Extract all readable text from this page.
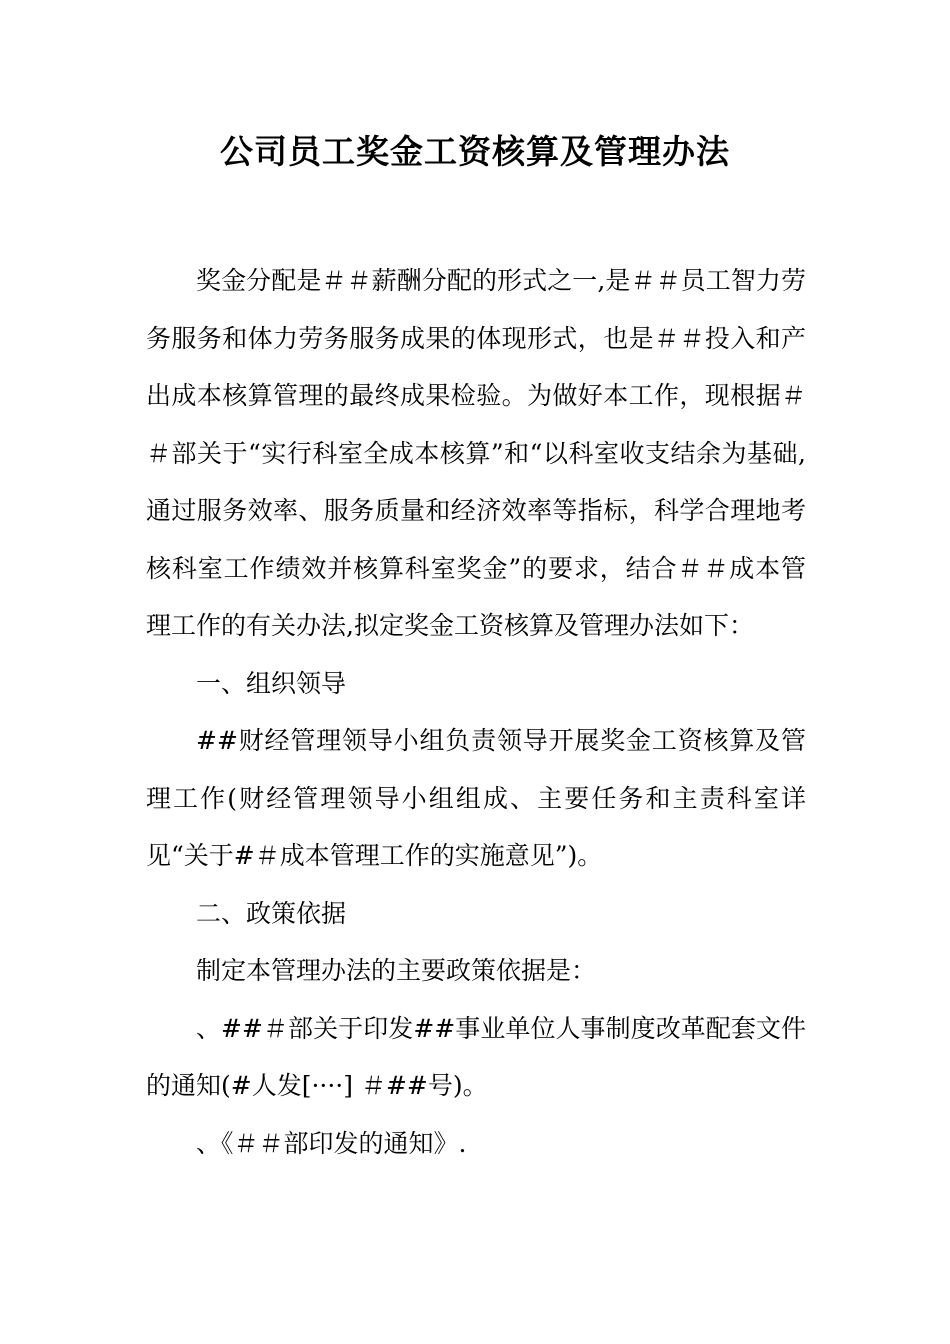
公司员工奖金工资核算及管理办法

奖金分配是＃＃薪酬分配的形式之一,是＃＃员工智力劳务服务和体力劳务服务成果的体现形式，也是＃＃投入和产出成本核算管理的最终成果检验。为做好本工作，现根据＃＃部关于“实行科室全成本核算”和“以科室收支结余为基础,通过服务效率、服务质量和经济效率等指标，科学合理地考核科室工作绩效并核算科室奖金”的要求，结合＃＃成本管理工作的有关办法,拟定奖金工资核算及管理办法如下：

一、组织领导

##财经管理领导小组负责领导开展奖金工资核算及管理工作(财经管理领导小组组成、主要任务和主责科室详见“关于#＃成本管理工作的实施意见”)。

二、政策依据

制定本管理办法的主要政策依据是：

、##＃部关于印发##事业单位人事制度改革配套文件的通知(#人发[····] ＃##号)。

、《＃＃部印发的通知》.
